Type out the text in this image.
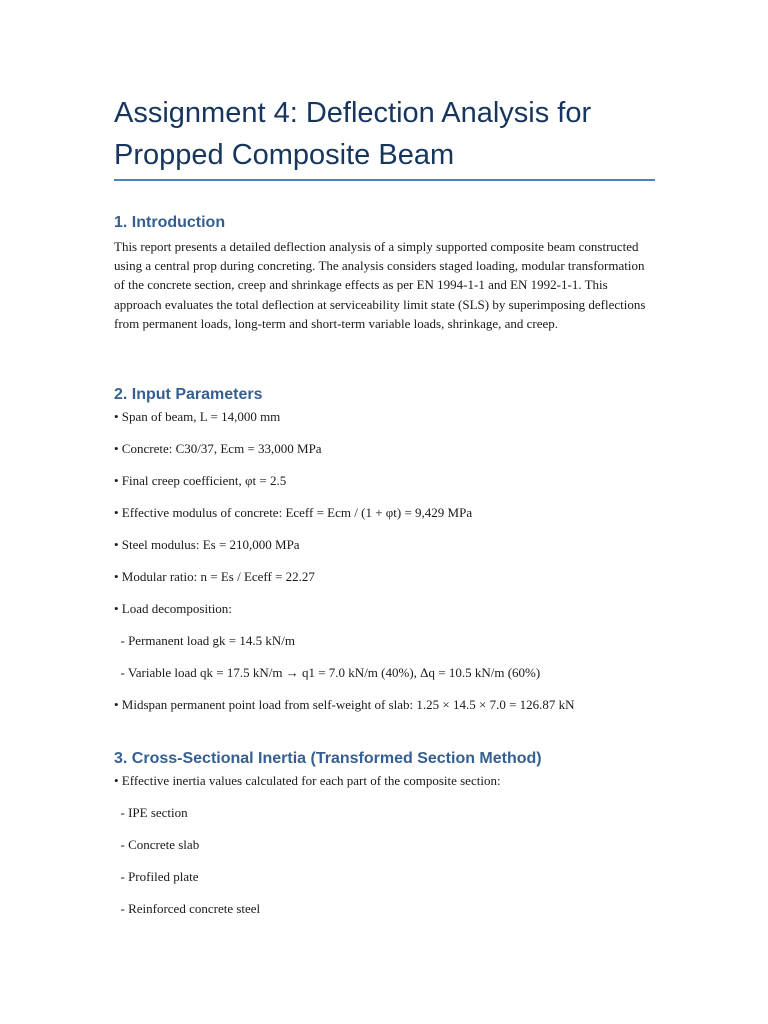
Assignment 4: Deflection Analysis for Propped Composite Beam
1. Introduction

This report presents a detailed deflection analysis of a simply supported composite beam constructed using a central prop during concreting. The analysis considers staged loading, modular transformation of the concrete section, creep and shrinkage effects as per EN 1994-1-1 and EN 1992-1-1. This approach evaluates the total deflection at serviceability limit state (SLS) by superimposing deflections from permanent loads, long-term and short-term variable loads, shrinkage, and creep.

2. Input Parameters

• Span of beam, L = 14,000 mm

• Concrete: C30/37, Ecm = 33,000 MPa

• Final creep coefficient, φt = 2.5

• Effective modulus of concrete: Eceff = Ecm / (1 + φt) = 9,429 MPa

• Steel modulus: Es = 210,000 MPa

• Modular ratio: n = Es / Eceff = 22.27

• Load decomposition:

- Permanent load gk = 14.5 kN/m

- Variable load qk = 17.5 kN/m → q1 = 7.0 kN/m (40%), Δq = 10.5 kN/m (60%)

• Midspan permanent point load from self-weight of slab: 1.25 × 14.5 × 7.0 = 126.87 kN

3. Cross-Sectional Inertia (Transformed Section Method)

• Effective inertia values calculated for each part of the composite section:

- IPE section

- Concrete slab

- Profiled plate

- Reinforced concrete steel
